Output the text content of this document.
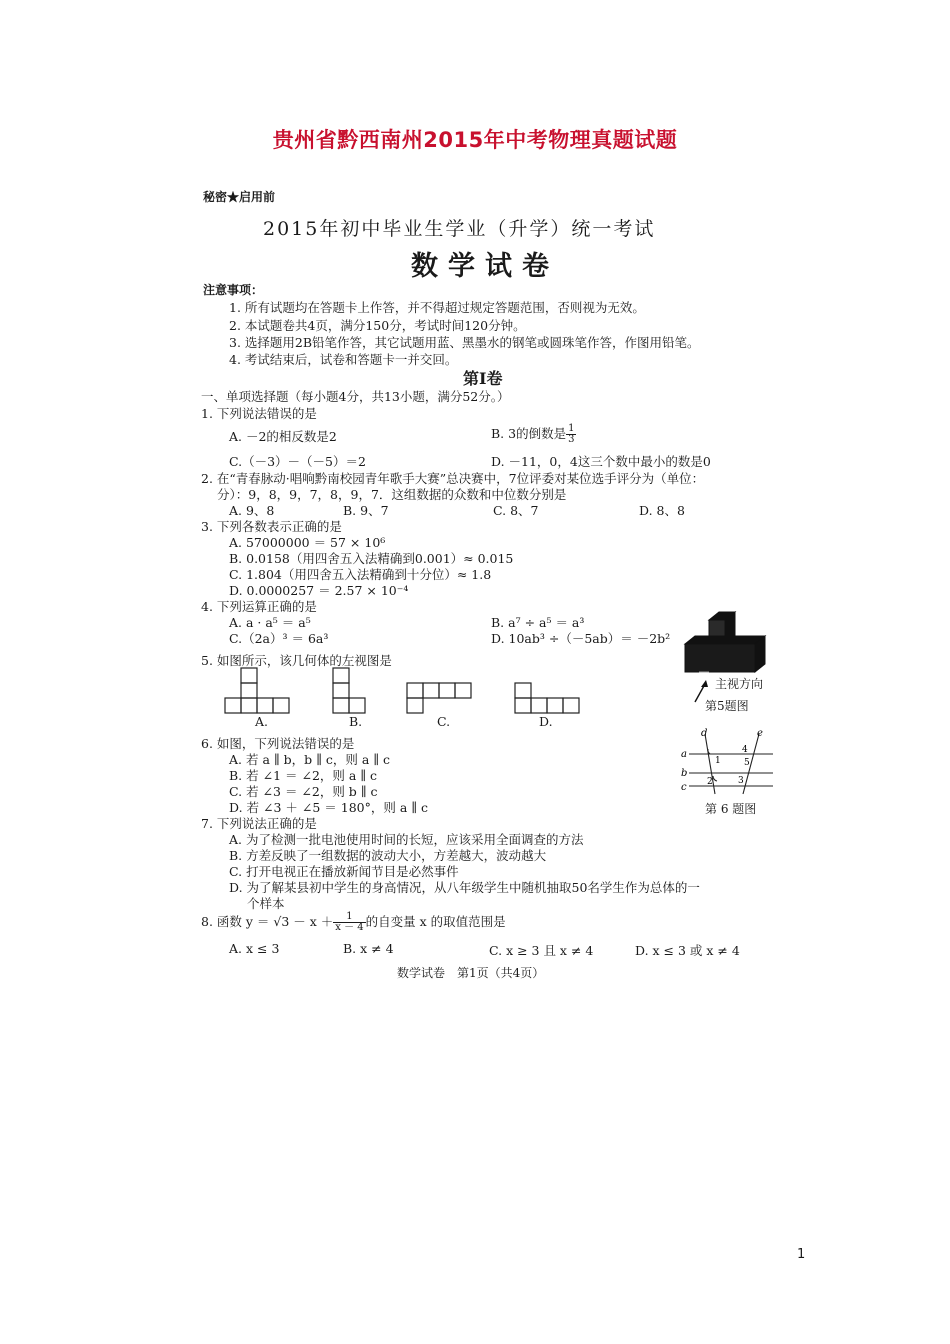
贵州省黔西南州2015年中考物理真题试题
秘密★启用前
2015年初中毕业生学业（升学）统一考试
数学试卷
注意事项：
1. 所有试题均在答题卡上作答，并不得超过规定答题范围，否则视为无效。
2. 本试题卷共4页，满分150分，考试时间120分钟。
3. 选择题用2B铅笔作答，其它试题用蓝、黑墨水的钢笔或圆珠笔作答，作图用铅笔。
4. 考试结束后，试卷和答题卡一并交回。
第Ⅰ卷
一、单项选择题（每小题4分，共13小题，满分52分。）
1. 下列说法错误的是
A. －2的相反数是2	B. 3的倒数是 $\frac{1}{3}$
C.（－3）－（－5）＝2	D. －11，0，4这三个数中最小的数是0
2. 在“青春脉动·唱响黔南校园青年歌手大赛”总决赛中，7位评委对某位选手评分为（单位：
分）：9，8，9，7，8，9，7．这组数据的众数和中位数分别是
A. 9、8	B. 9、7	C. 8、7	D. 8、8
3. 下列各数表示正确的是
A. 57000000 ＝ 57 × 10⁶
B. 0.0158（用四舍五入法精确到0.001）≈ 0.015
C. 1.804（用四舍五入法精确到十分位）≈ 1.8
D. 0.0000257 ＝ 2.57 × 10⁻⁴
4. 下列运算正确的是
A. a · a⁵ ＝ a⁵	B. a⁷ ÷ a⁵ ＝ a³
C.（2a）³ ＝ 6a³	D. 10ab³ ÷（－5ab）＝ －2b²
5. 如图所示，该几何体的左视图是
A.	B.	C.	D.
主视方向
第5题图
6. 如图，下列说法错误的是
A. 若 a ∥ b，b ∥ c，则 a ∥ c
B. 若 ∠1 ＝ ∠2，则 a ∥ c
C. 若 ∠3 ＝ ∠2，则 b ∥ c
D. 若 ∠3 ＋ ∠5 ＝ 180°，则 a ∥ c
a
b
c
d	e
1
2	3
4
5
第 6 题图
7. 下列说法正确的是
A. 为了检测一批电池使用时间的长短，应该采用全面调查的方法
B. 方差反映了一组数据的波动大小，方差越大，波动越大
C. 打开电视正在播放新闻节目是必然事件
D. 为了解某县初中学生的身高情况，从八年级学生中随机抽取50名学生作为总体的一
个样本
8. 函数 $y = √3 - x + \frac{1}{x - 4}$ 的自变量 x 的取值范围是
A. x ≤ 3	B. x ≠ 4	C. x ≥ 3 且 x ≠ 4	D. x ≤ 3 或 x ≠ 4
数学试卷　第1页（共4页）
1
